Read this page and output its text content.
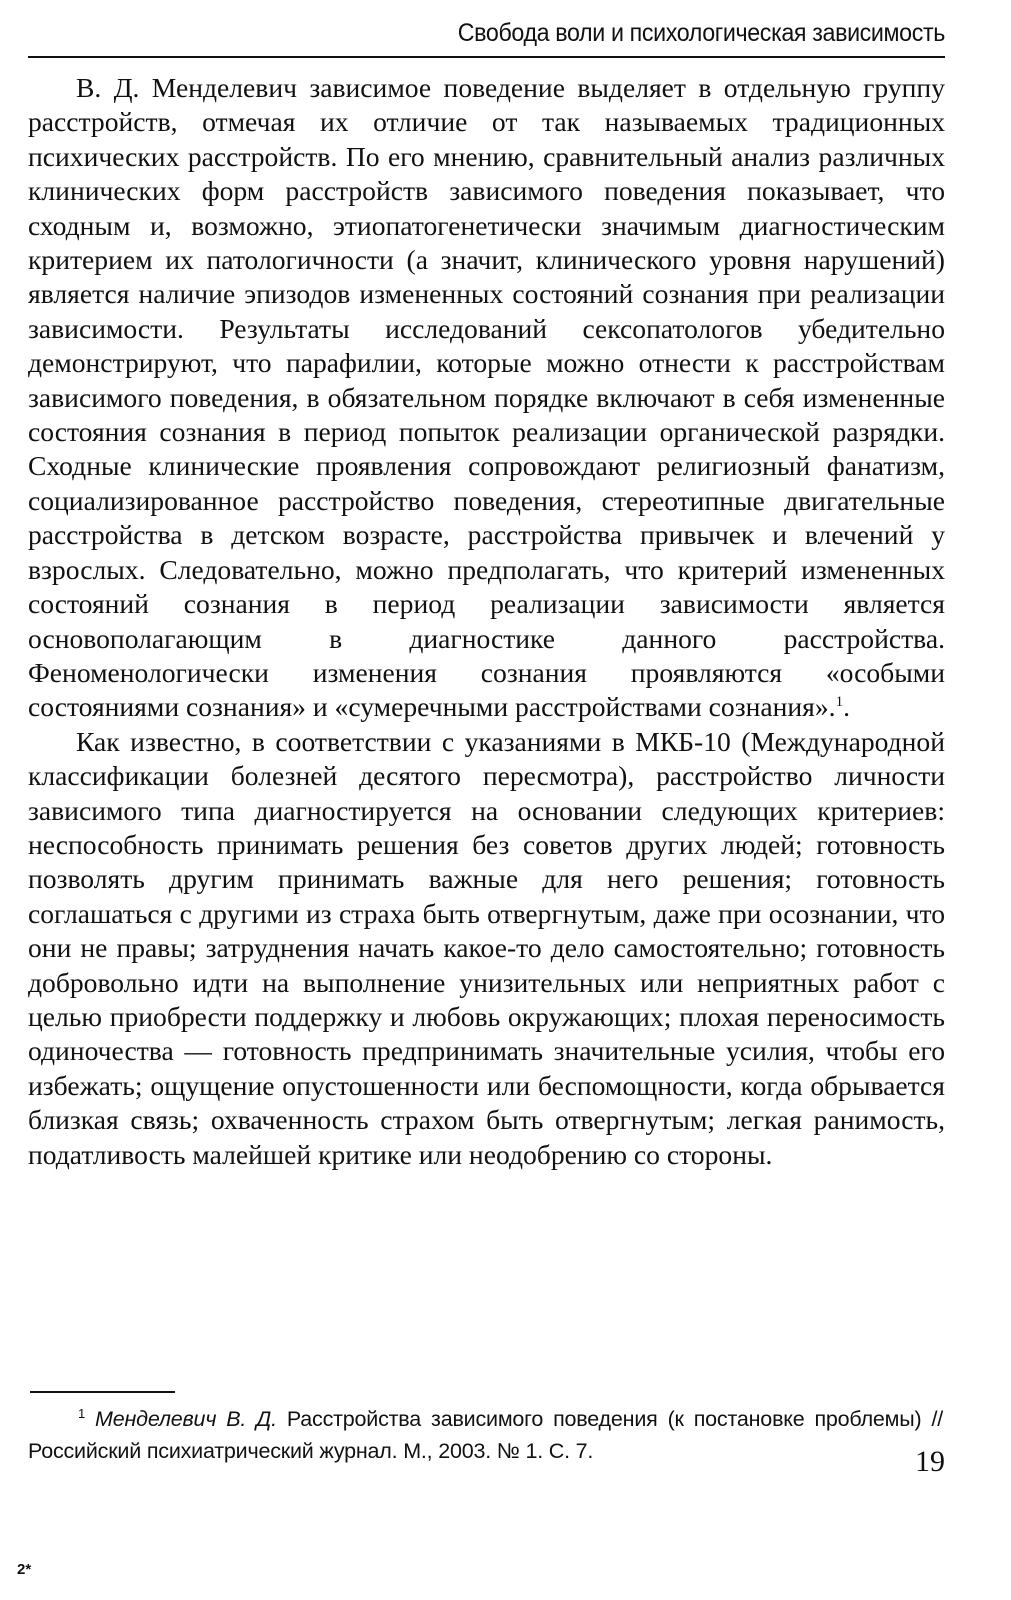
Свобода воли и психологическая зависимость

В. Д. Менделевич зависимое поведение выделяет в отдельную группу расстройств, отмечая их отличие от так называемых традиционных психических расстройств. По его мнению, сравнительный анализ различных клинических форм расстройств зависимого поведения показывает, что сходным и, возможно, этиопатогенетически значимым диагностическим критерием их патологичности (а значит, клинического уровня нарушений) является наличие эпизодов измененных состояний сознания при реализации зависимости. Результаты исследований сексопатологов убедительно демонстрируют, что парафилии, которые можно отнести к расстройствам зависимого поведения, в обязательном порядке включают в себя измененные состояния сознания в период попыток реализации органической разрядки. Сходные клинические проявления сопровождают религиозный фанатизм, социализированное расстройство поведения, стереотипные двигательные расстройства в детском возрасте, расстройства привычек и влечений у взрослых. Следовательно, можно предполагать, что критерий измененных состояний сознания в период реализации зависимости является основополагающим в диагностике данного расстройства. Феноменологически изменения сознания проявляются «особыми состояниями сознания» и «сумеречными расстройствами сознания».$^1$.

Как известно, в соответствии с указаниями в МКБ-10 (Международной классификации болезней десятого пересмотра), расстройство личности зависимого типа диагностируется на основании следующих критериев: неспособность принимать решения без советов других людей; готовность позволять другим принимать важные для него решения; готовность соглашаться с другими из страха быть отвергнутым, даже при осознании, что они не правы; затруднения начать какое-то дело самостоятельно; готовность добровольно идти на выполнение унизительных или неприятных работ с целью приобрести поддержку и любовь окружающих; плохая переносимость одиночества — готовность предпринимать значительные усилия, чтобы его избежать; ощущение опустошенности или беспомощности, когда обрывается близкая связь; охваченность страхом быть отвергнутым; легкая ранимость, податливость малейшей критике или неодобрению со стороны.

$^1$ Менделевич В. Д. Расстройства зависимого поведения (к постановке проблемы) // Российский психиатрический журнал. М., 2003. № 1. С. 7.	19
2*
